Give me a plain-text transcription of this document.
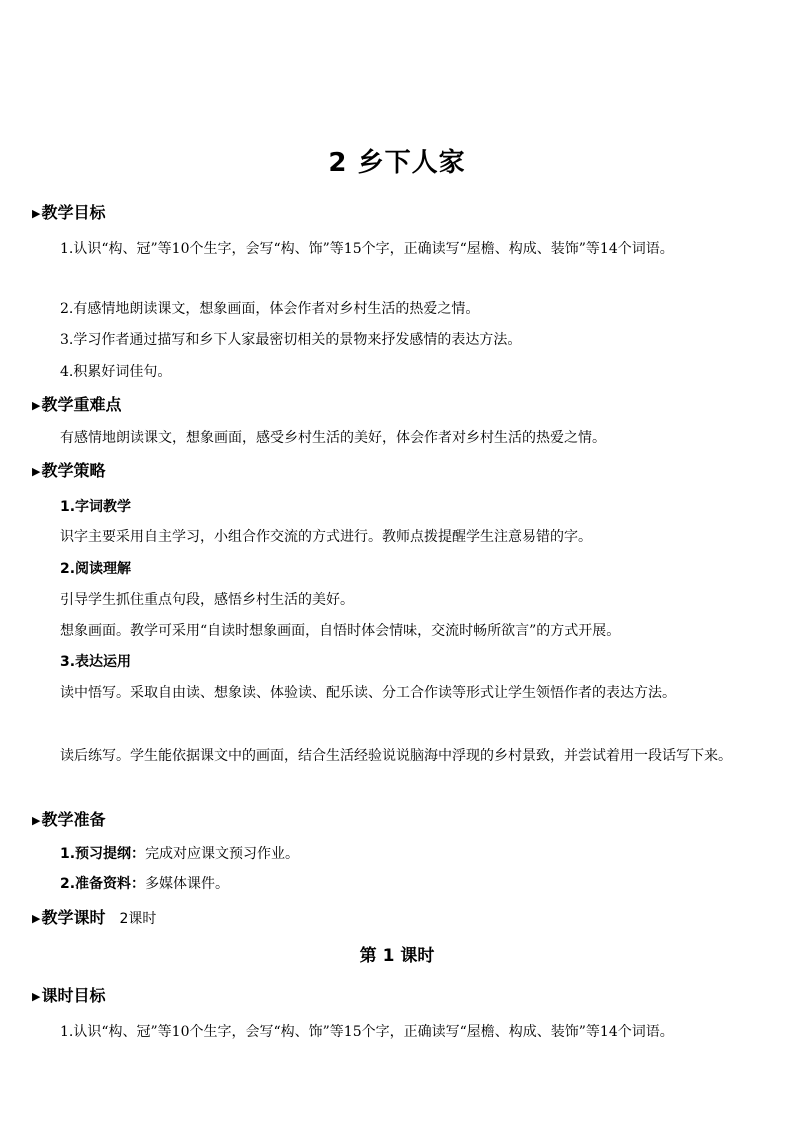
2 乡下人家
▶教学目标
1.认识“构、冠”等10个生字，会写“构、饰”等15个字，正确读写“屋檐、构成、装饰”等14个词语。
2.有感情地朗读课文，想象画面，体会作者对乡村生活的热爱之情。
3.学习作者通过描写和乡下人家最密切相关的景物来抒发感情的表达方法。
4.积累好词佳句。
▶教学重难点
有感情地朗读课文，想象画面，感受乡村生活的美好，体会作者对乡村生活的热爱之情。
▶教学策略
1.字词教学
识字主要采用自主学习，小组合作交流的方式进行。教师点拨提醒学生注意易错的字。
2.阅读理解
引导学生抓住重点句段，感悟乡村生活的美好。
想象画面。教学可采用“自读时想象画面，自悟时体会情味，交流时畅所欲言”的方式开展。
3.表达运用
读中悟写。采取自由读、想象读、体验读、配乐读、分工合作读等形式让学生领悟作者的表达方法。
读后练写。学生能依据课文中的画面，结合生活经验说说脑海中浮现的乡村景致，并尝试着用一段话写下来。
▶教学准备
1.预习提纲：完成对应课文预习作业。
2.准备资料：多媒体课件。
▶教学课时 2课时
第 1 课时
▶课时目标
1.认识“构、冠”等10个生字，会写“构、饰”等15个字，正确读写“屋檐、构成、装饰”等14个词语。
